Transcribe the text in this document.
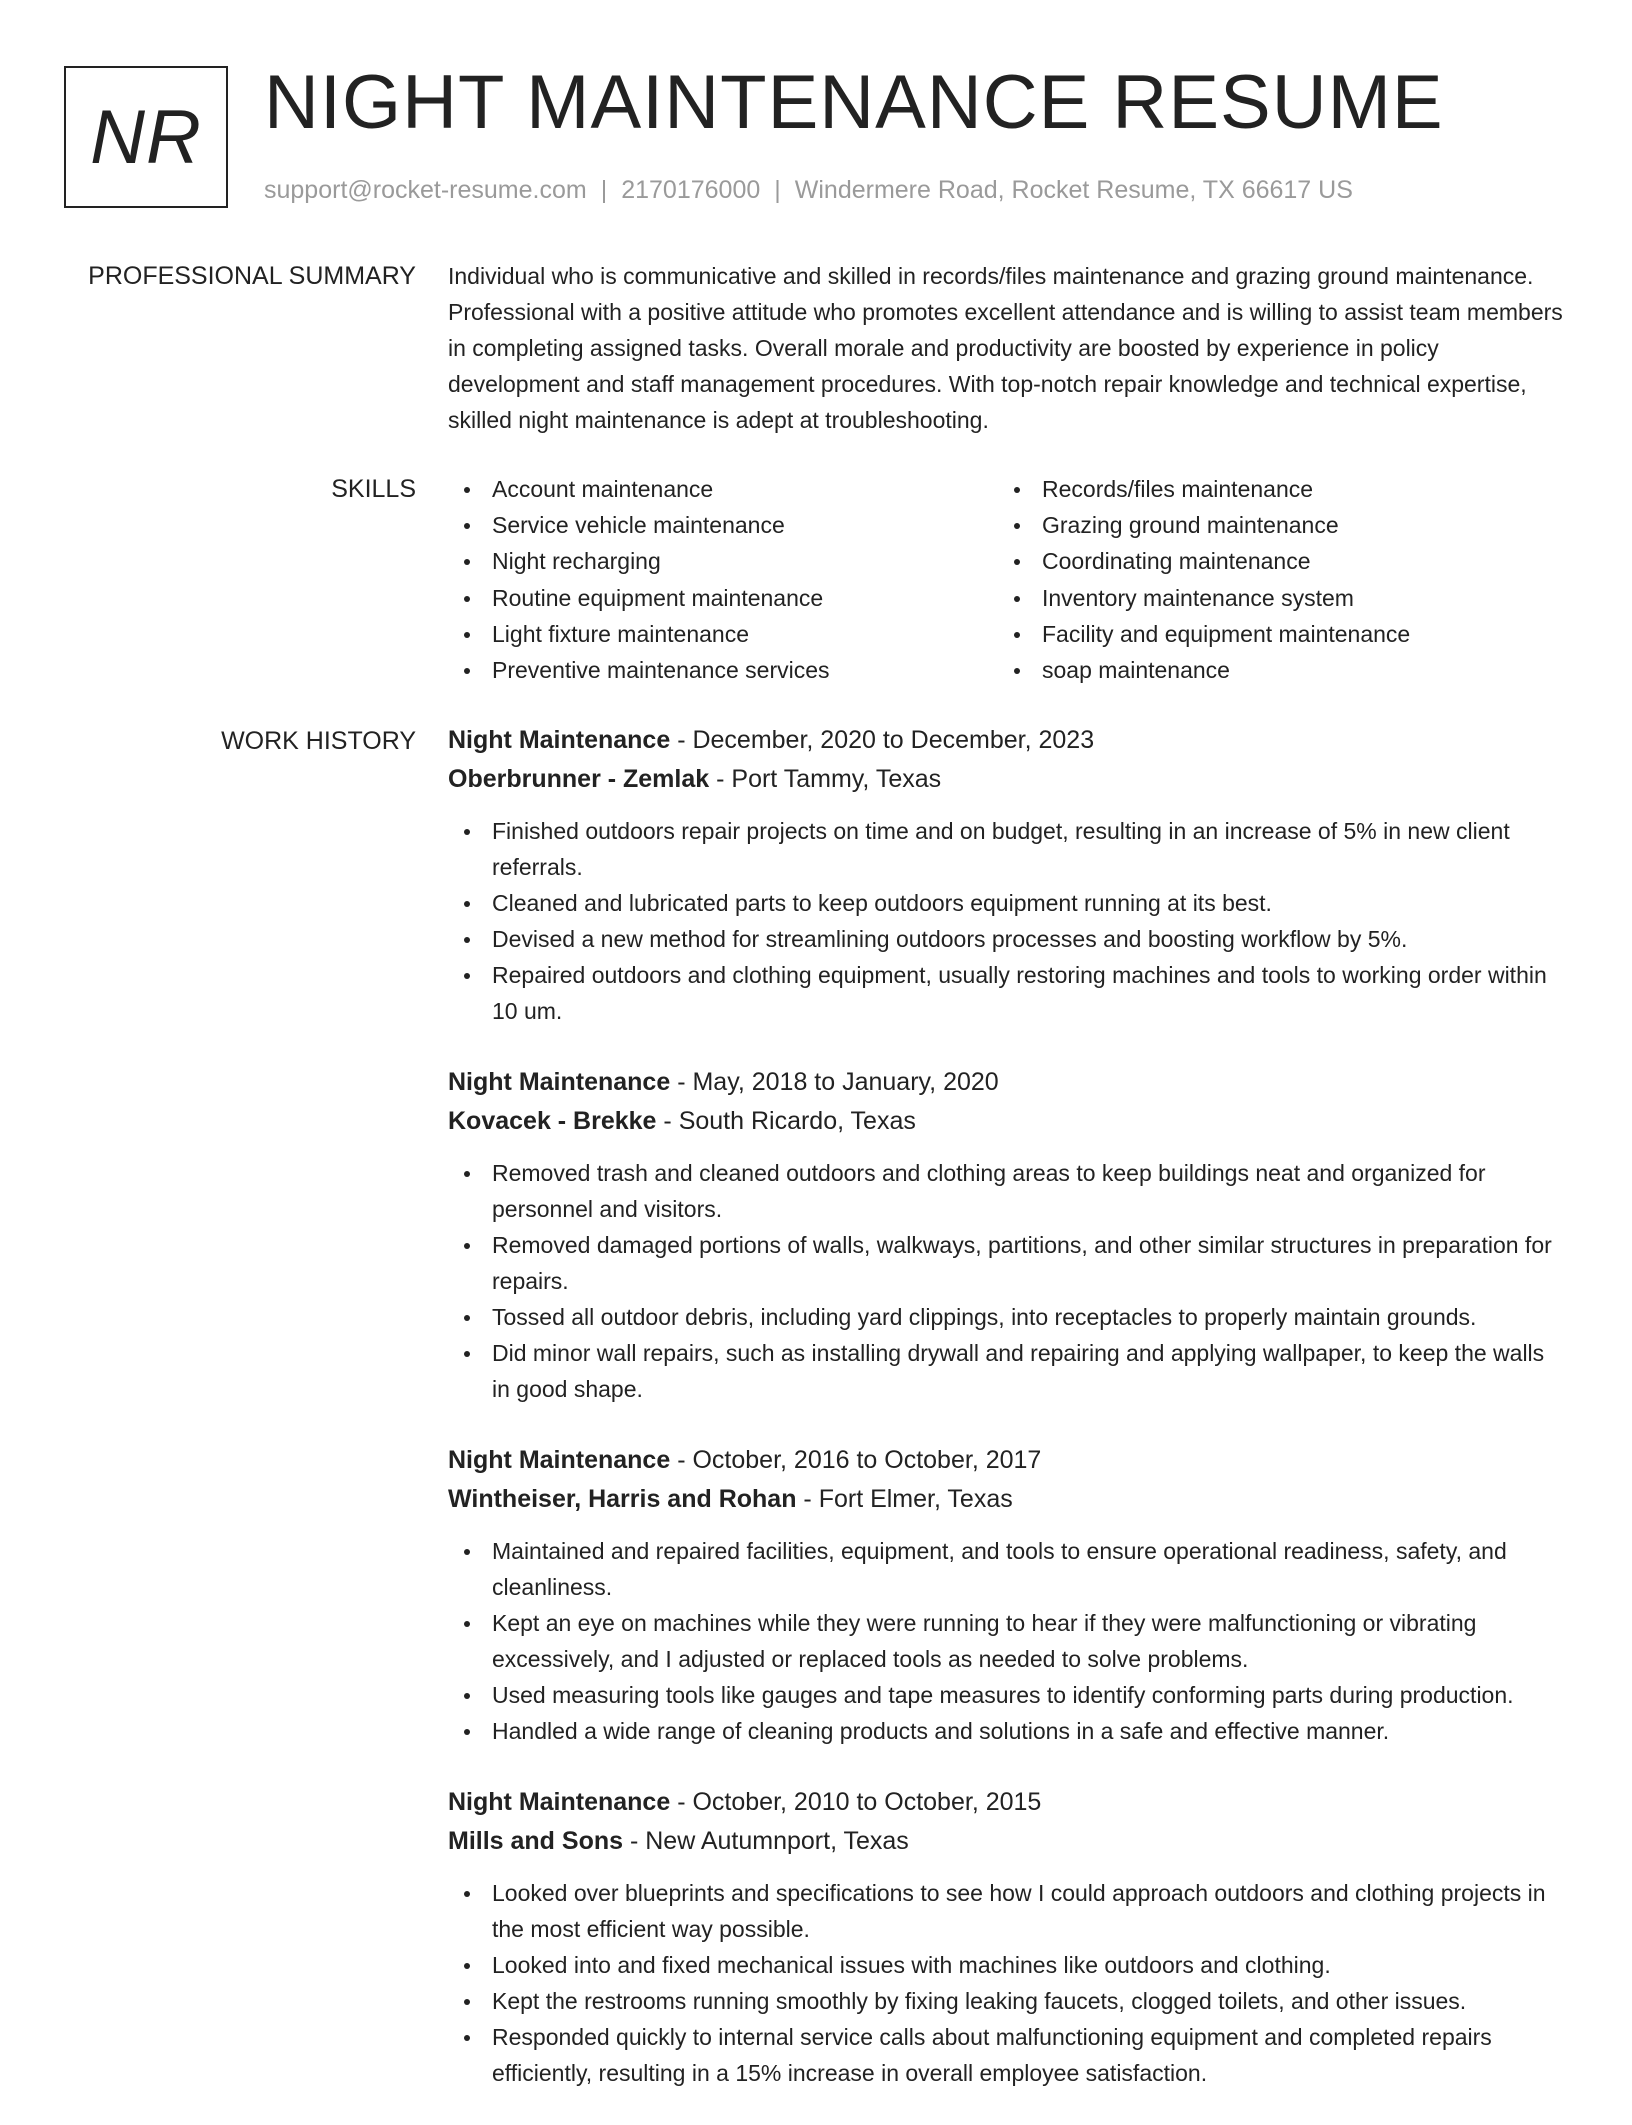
NR NIGHT MAINTENANCE RESUME
support@rocket-resume.com | 2170176000 | Windermere Road, Rocket Resume, TX 66617 US
PROFESSIONAL SUMMARY Individual who is communicative and skilled in records/files maintenance and grazing ground maintenance. Professional with a positive attitude who promotes excellent attendance and is willing to assist team members in completing assigned tasks. Overall morale and productivity are boosted by experience in policy development and staff management procedures. With top-notch repair knowledge and technical expertise, skilled night maintenance is adept at troubleshooting.

SKILLS	Account maintenance
Service vehicle maintenance
Night recharging
Routine equipment maintenance
Light fixture maintenance
Preventive maintenance services
Records/files maintenance
Grazing ground maintenance
Coordinating maintenance
Inventory maintenance system
Facility and equipment maintenance
soap maintenance
WORK HISTORY Night Maintenance - December, 2020 to December, 2023
Oberbrunner - Zemlak - Port Tammy, Texas
Finished outdoors repair projects on time and on budget, resulting in an increase of 5% in new client referrals.
Cleaned and lubricated parts to keep outdoors equipment running at its best.
Devised a new method for streamlining outdoors processes and boosting workflow by 5%.
Repaired outdoors and clothing equipment, usually restoring machines and tools to working order within 10 um.
Night Maintenance - May, 2018 to January, 2020
Kovacek - Brekke - South Ricardo, Texas
Removed trash and cleaned outdoors and clothing areas to keep buildings neat and organized for personnel and visitors.
Removed damaged portions of walls, walkways, partitions, and other similar structures in preparation for repairs.
Tossed all outdoor debris, including yard clippings, into receptacles to properly maintain grounds.
Did minor wall repairs, such as installing drywall and repairing and applying wallpaper, to keep the walls in good shape.
Night Maintenance - October, 2016 to October, 2017
Wintheiser, Harris and Rohan - Fort Elmer, Texas
Maintained and repaired facilities, equipment, and tools to ensure operational readiness, safety, and cleanliness.
Kept an eye on machines while they were running to hear if they were malfunctioning or vibrating excessively, and I adjusted or replaced tools as needed to solve problems.
Used measuring tools like gauges and tape measures to identify conforming parts during production.
Handled a wide range of cleaning products and solutions in a safe and effective manner.
Night Maintenance - October, 2010 to October, 2015
Mills and Sons - New Autumnport, Texas
Looked over blueprints and specifications to see how I could approach outdoors and clothing projects in the most efficient way possible.
Looked into and fixed mechanical issues with machines like outdoors and clothing.
Kept the restrooms running smoothly by fixing leaking faucets, clogged toilets, and other issues.
Responded quickly to internal service calls about malfunctioning equipment and completed repairs efficiently, resulting in a 15% increase in overall employee satisfaction.
